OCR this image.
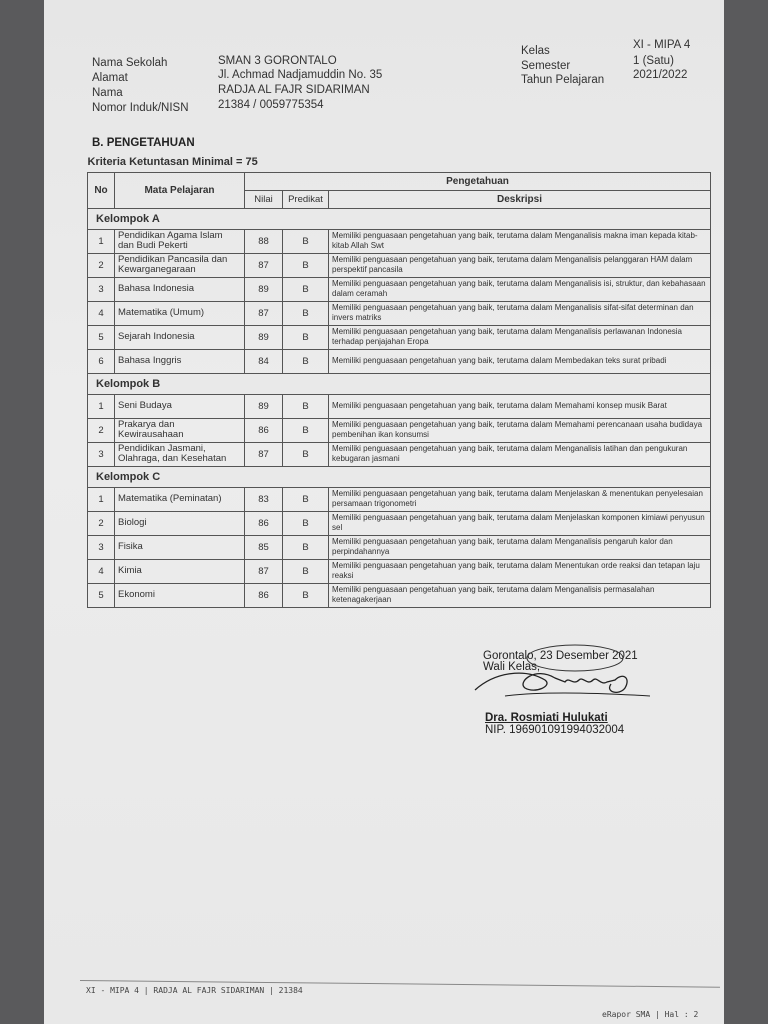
Nama Sekolah	SMAN 3 GORONTALO
Alamat	Jl. Achmad Nadjamuddin No. 35
Nama	RADJA AL FAJR SIDARIMAN
Nomor Induk/NISN	21384 / 0059775354
Kelas	XI - MIPA 4
Semester	1 (Satu)
Tahun Pelajaran	2021/2022
B. PENGETAHUAN
Kriteria Ketuntasan Minimal = 75				
No	Mata Pelajaran	Pengetahuan		
		Nilai	Predikat	Deskripsi
Kelompok A				
1	Pendidikan Agama Islam dan Budi Pekerti	88	B	Memiliki penguasaan pengetahuan yang baik, terutama dalam Menganalisis makna iman kepada kitab-kitab Allah Swt
2	Pendidikan Pancasila dan Kewarganegaraan	87	B	Memiliki penguasaan pengetahuan yang baik, terutama dalam Menganalisis pelanggaran HAM dalam perspektif pancasila
3	Bahasa Indonesia	89	B	Memiliki penguasaan pengetahuan yang baik, terutama dalam Menganalisis isi, struktur, dan kebahasaan dalam ceramah
4	Matematika (Umum)	87	B	Memiliki penguasaan pengetahuan yang baik, terutama dalam Menganalisis sifat-sifat determinan dan invers matriks
5	Sejarah Indonesia	89	B	Memiliki penguasaan pengetahuan yang baik, terutama dalam Menganalisis perlawanan Indonesia terhadap penjajahan Eropa
6	Bahasa Inggris	84	B	Memiliki penguasaan pengetahuan yang baik, terutama dalam Membedakan teks surat pribadi
Kelompok B				
1	Seni Budaya	89	B	Memiliki penguasaan pengetahuan yang baik, terutama dalam Memahami konsep musik Barat
2	Prakarya dan Kewirausahaan	86	B	Memiliki penguasaan pengetahuan yang baik, terutama dalam Memahami perencanaan usaha budidaya pembenihan ikan konsumsi
3	Pendidikan Jasmani, Olahraga, dan Kesehatan	87	B	Memiliki penguasaan pengetahuan yang baik, terutama dalam Menganalisis latihan dan pengukuran kebugaran jasmani
Kelompok C				
1	Matematika (Peminatan)	83	B	Memiliki penguasaan pengetahuan yang baik, terutama dalam Menjelaskan & menentukan penyelesaian persamaan trigonometri
2	Biologi	86	B	Memiliki penguasaan pengetahuan yang baik, terutama dalam Menjelaskan komponen kimiawi penyusun sel
3	Fisika	85	B	Memiliki penguasaan pengetahuan yang baik, terutama dalam Menganalisis pengaruh kalor dan perpindahannya
4	Kimia	87	B	Memiliki penguasaan pengetahuan yang baik, terutama dalam Menentukan orde reaksi dan tetapan laju reaksi
5	Ekonomi	86	B	Memiliki penguasaan pengetahuan yang baik, terutama dalam Menganalisis permasalahan ketenagakerjaan
Gorontalo, 23 Desember 2021
Wali Kelas,
Dra. Rosmiati Hulukati
NIP. 196901091994032004
XI - MIPA 4 | RADJA AL FAJR SIDARIMAN | 21384
eRapor SMA | Hal : 2
